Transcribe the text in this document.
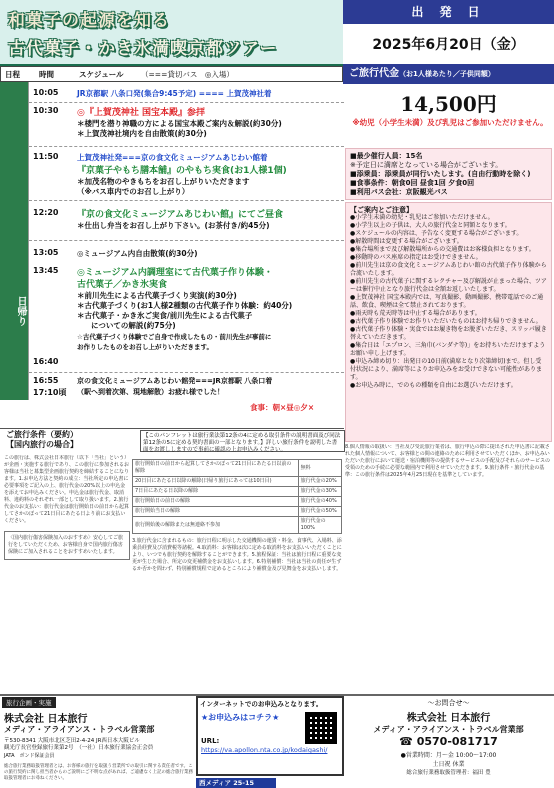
和菓子の起源を知る
古代菓子・かき氷満喫京都ツアー
出 発 日
2025年6月20日（金）
日程	時間	スケジュール （===貸切バス　◎入場）
日帰り
10:05 JR京都駅 八条口発(集合9:45予定) ==== 上賀茂神社着
10:30 ◎『上賀茂神社 国宝本殿』参拝
＊楼門を潜り神職の方による国宝本殿ご案内＆解説(約30分)
＊上賀茂神社境内を自由散策(約30分)
11:50 上賀茂神社発===京の食文化ミュージアムあじわい館着
『京菓子やもち膳本舗』のやもち実食(お1人様1個)
＊加茂名物のやきもちをお召し上がりいただきます
（※バス車内でのお召し上がり）
12:20 『京の食文化ミュージアムあじわい館』にてご昼食
＊仕出し弁当をお召し上がり下さい。(お茶付き/約45分)
13:05 ◎ミュージアム内自由散策(約30分)
13:45 ◎ミュージアム内調理室にて古代菓子作り体験・
古代菓子／かき氷実食
＊前川先生による古代菓子づくり実演(約30分)
＊古代菓子づくり(お1人様2種類の古代菓子作り体験：約40分)
＊古代菓子・かき氷ご実食/前川先生による古代菓子
についての解説(約75分)
☆古代菓子づくり体験でご自身で作成したもの・前川先生が事前に
お作りしたものをお召し上がりいただきます。
16:40
16:55	京の食文化ミュージアムあじわい館発===JR京都駅 八条口着
17:10頃 （駅へ到着次第、現地解散）お疲れ様でした！
食事：朝×昼◎夕×
ご旅行代金（お1人様あたり／子供同額）
14,500円
※幼児（小学生未満）及び乳児はご参加いただけません。
■最少催行人員：15名
※予定日に満席となっている場合がございます。
■添乗員：添乗員が同行いたします。(自由行動時を除く)
■食事条件：朝食0回 昼食1回 夕食0回
■利用バス会社：京阪観光バス
【ご案内とご注意】
●小学生未満の幼児・乳児はご参加いただけません。
●小学生以上の子供は、大人の旅行代金と同額となります。
●スケジュールの内容は、予告なく変更する場合がございます。
●解散時間は変更する場合がございます。
●集合場所まで及び解散場所からの交通費はお客様負担となります。
●移動時のバス座席の指定はお受けできません。
●前川先生は京の食文化ミュージアムあじわい館の古代菓子作り体験から合流いたします。
●前川先生の古代菓子に関するレクチャー及び解説が止まった場合、ツアーは催行中止となり旅行代金は全額お返しいたします。
●上賀茂神社 国宝本殿内では、写真撮影、動画撮影、携帯電話でのご通話、飲食、喫煙は全て禁止されております。
●雨天時も荒天時等は中止する場合があります。
●古代菓子作り体験でお作りいただいたものはお持ち帰りできません。
●古代菓子作り体験・実食ではお履き物をお脱ぎいただき、スリッパ履き替えていただきます。
●集合日は「エプロン、三角巾(バンダナ等)」をお持ちいただけますようお願い申し上げます。
●申込み締め切り：出発日の10日前(満席となり次第締切)まで。但し受付状況により、満席等によりお申込みをお受けできない可能性があります。
●お申込み時に、でのもの種類を自由にお選びいただけます。
ご旅行条件（要約）
【国内旅行の場合】
【このパンフレットは旅行業法第12条の4に定める取引条件の説明書面及び同法第12条の5に定める契約書面の一部となります。】詳しい旅行条件を説明した書面をお渡ししますので事前に確認の上お申込みください。
この旅行は、株式会社日本旅行（以下「当社」という）が企画・実施する旅行であり、この旅行に参加されるお客様は当社と募集型企画旅行契約を締結することになります。1.お申込方法と契約の成立：当社所定の申込書に必要事項をご記入の上、旅行代金の20%以上の申込金を添えてお申込みください。申込金は旅行代金、取消料、違約料のそれぞれ一部として取り扱います。2.旅行代金のお支払い：旅行代金は旅行開始日の前日から起算してさかのぼって21日目にあたる日より前にお支払いください。
〈国内旅行傷害保険加入のおすすめ〉安心してご旅行をしていただくため、お客様自身で国内旅行傷害保険にご加入されることをおすすめいたします。
旅行開始日の前日から起算してさかのぼって21日目にあたる日以前の解除	無料
20日目にあたる日以降の解除(日帰り旅行にあっては10日目)	旅行代金の20%
7日目にあたる日以降の解除	旅行代金の30%
旅行開始日の前日の解除	旅行代金の40%
旅行開始当日の解除	旅行代金の50%
旅行開始後の解除または無連絡不参加	旅行代金の100%
3.旅行代金に含まれるもの：旅行日程に明示した交通機関の運賃・料金、食事代、入場料、添乗員経費及び消費税等諸税。4.取消料：お客様は次に定める取消料をお支払いいただくことにより、いつでも旅行契約を解除することができます。5.旅程保証：当社は旅行日程に重要な変更が生じた場合、所定の変更補償金をお支払いします。6.特別補償：当社は当社の責任が生ずるか否かを問わず、特別補償規程で定めるところにより補償金及び見舞金をお支払いします。
8.個人情報の取扱い：当社及び受託旅行業者は、旅行申込の際に提出された申込書に記載された個人情報について、お客様との間の連絡のために利用させていただくほか、お申込みいただいた旅行において運送・宿泊機関等の提供するサービスの手配及びそれらのサービスの受領のための手続に必要な範囲内で利用させていただきます。9.旅行条件・旅行代金の基準：この旅行条件は2025年4月25日現在を基準としています。
旅行企画・実施
株式会社 日本旅行
メディア・アライアンス・トラベル営業部
〒530-8341 大阪市北区芝田2-4-24 JR西日本大阪ビル
観光庁長官登録旅行業第2号　（一社）日本旅行業協会正会員
JATA　ボンド保証会員
総合旅行業務取扱管理者とは、お客様の旅行を取扱う営業所での取引に関する責任者です。この旅行契約に関し担当者からのご説明にご不明な点があれば、ご遠慮なく上記の総合旅行業務取扱管理者にお尋ねください。
インターネットでのお申込みとなります。
★お申込みはコチラ★
URL:
https://va.apollon.nta.co.jp/kodaigashi/
西メディア 25-15
～お問合せ～
株式会社 日本旅行
メディア・アライアンス・トラベル営業部
☎ 0570-081717
●営業時間：月～金 10:00～17:00
土日祝 休業
総合旅行業務取扱管理者：福田 豊
